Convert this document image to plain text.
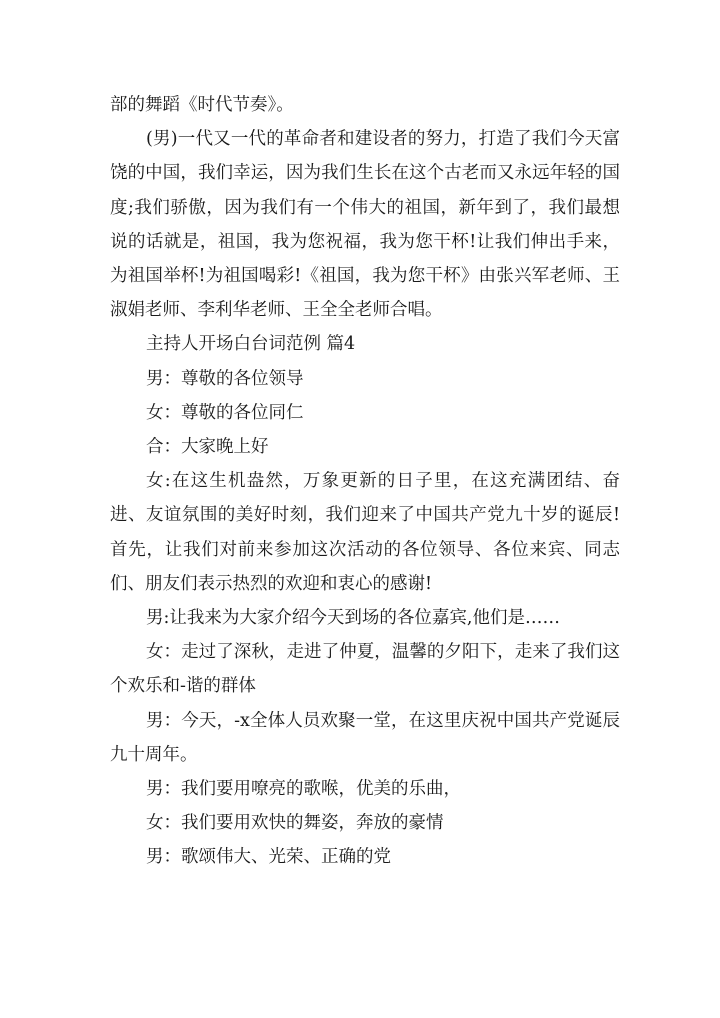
部的舞蹈《时代节奏》。

(男)一代又一代的革命者和建设者的努力，打造了我们今天富饶的中国，我们幸运，因为我们生长在这个古老而又永远年轻的国度;我们骄傲，因为我们有一个伟大的祖国，新年到了，我们最想说的话就是，祖国，我为您祝福，我为您干杯!让我们伸出手来，为祖国举杯!为祖国喝彩!《祖国，我为您干杯》由张兴军老师、王淑娟老师、李利华老师、王全全老师合唱。

主持人开场白台词范例 篇4

男：尊敬的各位领导

女：尊敬的各位同仁

合：大家晚上好

女:在这生机盎然，万象更新的日子里，在这充满团结、奋进、友谊氛围的美好时刻，我们迎来了中国共产党九十岁的诞辰!首先，让我们对前来参加这次活动的各位领导、各位来宾、同志们、朋友们表示热烈的欢迎和衷心的感谢!

男:让我来为大家介绍今天到场的各位嘉宾,他们是……

女：走过了深秋，走进了仲夏，温馨的夕阳下，走来了我们这个欢乐和-谐的群体

男：今天，-x全体人员欢聚一堂，在这里庆祝中国共产党诞辰九十周年。

男：我们要用嘹亮的歌喉，优美的乐曲，

女：我们要用欢快的舞姿，奔放的豪情

男：歌颂伟大、光荣、正确的党
